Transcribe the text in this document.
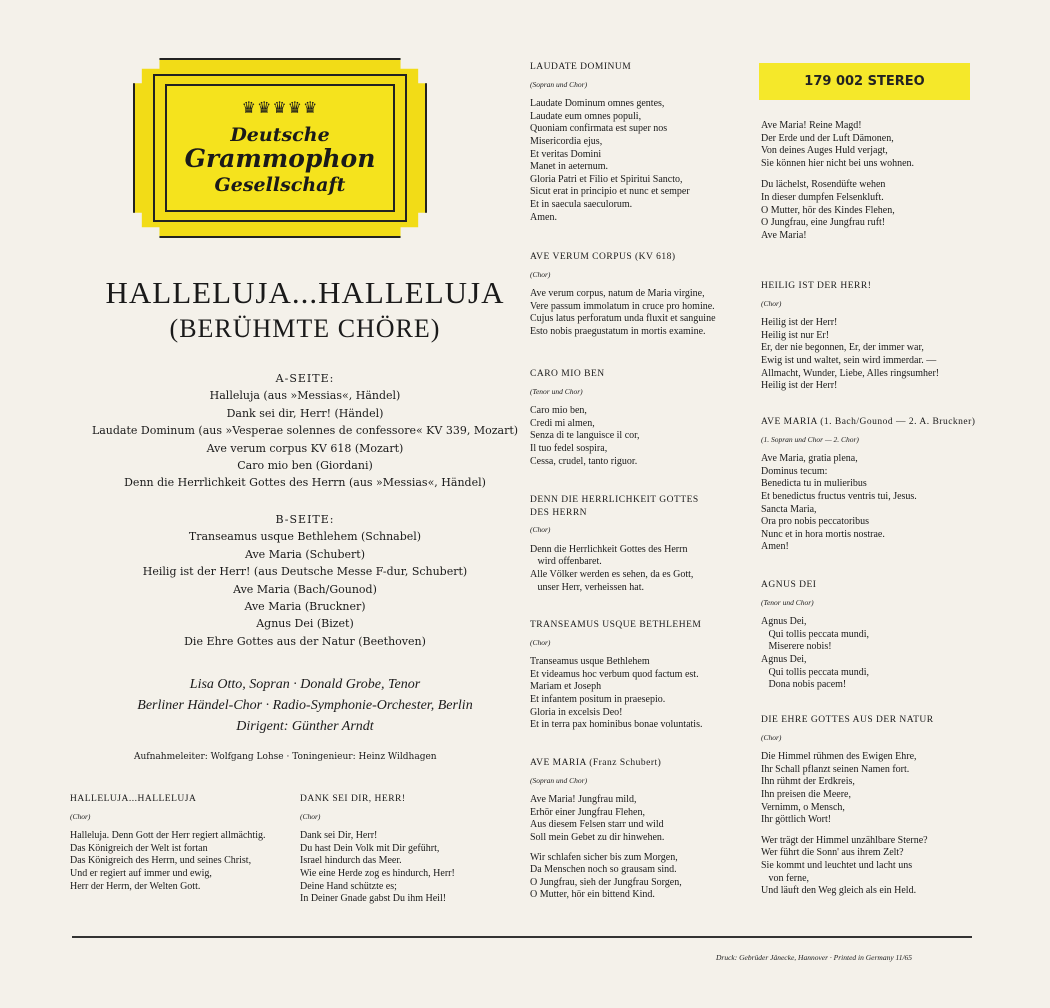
♛♛♛♛♛
Deutsche
Grammophon
Gesellschaft
HALLELUJA...HALLELUJA
(BERÜHMTE CHÖRE)
A-SEITE:
Halleluja (aus »Messias«, Händel)
Dank sei dir, Herr! (Händel)
Laudate Dominum (aus »Vesperae solennes de confessore« KV 339, Mozart)
Ave verum corpus KV 618 (Mozart)
Caro mio ben (Giordani)
Denn die Herrlichkeit Gottes des Herrn (aus »Messias«, Händel)
B-SEITE:
Transeamus usque Bethlehem (Schnabel)
Ave Maria (Schubert)
Heilig ist der Herr! (aus Deutsche Messe F-dur, Schubert)
Ave Maria (Bach/Gounod)
Ave Maria (Bruckner)
Agnus Dei (Bizet)
Die Ehre Gottes aus der Natur (Beethoven)
Lisa Otto, Sopran · Donald Grobe, Tenor
Berliner Händel-Chor · Radio-Symphonie-Orchester, Berlin
Dirigent: Günther Arndt
Aufnahmeleiter: Wolfgang Lohse · Toningenieur: Heinz Wildhagen
HALLELUJA...HALLELUJA
(Chor)
Halleluja. Denn Gott der Herr regiert allmächtig.
Das Königreich der Welt ist fortan
Das Königreich des Herrn, und seines Christ,
Und er regiert auf immer und ewig,
Herr der Herrn, der Welten Gott.
DANK SEI DIR, HERR!
(Chor)
Dank sei Dir, Herr!
Du hast Dein Volk mit Dir geführt,
Israel hindurch das Meer.
Wie eine Herde zog es hindurch, Herr!
Deine Hand schützte es;
In Deiner Gnade gabst Du ihm Heil!
LAUDATE DOMINUM
(Sopran und Chor)
Laudate Dominum omnes gentes,
Laudate eum omnes populi,
Quoniam confirmata est super nos
Misericordia ejus,
Et veritas Domini
Manet in aeternum.
Gloria Patri et Filio et Spiritui Sancto,
Sicut erat in principio et nunc et semper
Et in saecula saeculorum.
Amen.
AVE VERUM CORPUS (KV 618)
(Chor)
Ave verum corpus, natum de Maria virgine,
Vere passum immolatum in cruce pro homine.
Cujus latus perforatum unda fluxit et sanguine
Esto nobis praegustatum in mortis examine.
CARO MIO BEN
(Tenor und Chor)
Caro mio ben,
Credi mi almen,
Senza di te languisce il cor,
Il tuo fedel sospira,
Cessa, crudel, tanto riguor.
DENN DIE HERRLICHKEIT GOTTES
DES HERRN
(Chor)
Denn die Herrlichkeit Gottes des Herrn
wird offenbaret.
Alle Völker werden es sehen, da es Gott,
unser Herr, verheissen hat.
TRANSEAMUS USQUE BETHLEHEM
(Chor)
Transeamus usque Bethlehem
Et videamus hoc verbum quod factum est.
Mariam et Joseph
Et infantem positum in praesepio.
Gloria in excelsis Deo!
Et in terra pax hominibus bonae voluntatis.
AVE MARIA (Franz Schubert)
(Sopran und Chor)
Ave Maria! Jungfrau mild,
Erhör einer Jungfrau Flehen,
Aus diesem Felsen starr und wild
Soll mein Gebet zu dir hinwehen.
Wir schlafen sicher bis zum Morgen,
Da Menschen noch so grausam sind.
O Jungfrau, sieh der Jungfrau Sorgen,
O Mutter, hör ein bittend Kind.
179 002 STEREO
Ave Maria! Reine Magd!
Der Erde und der Luft Dämonen,
Von deines Auges Huld verjagt,
Sie können hier nicht bei uns wohnen.
Du lächelst, Rosendüfte wehen
In dieser dumpfen Felsenkluft.
O Mutter, hör des Kindes Flehen,
O Jungfrau, eine Jungfrau ruft!
Ave Maria!
HEILIG IST DER HERR!
(Chor)
Heilig ist der Herr!
Heilig ist nur Er!
Er, der nie begonnen, Er, der immer war,
Ewig ist und waltet, sein wird immerdar. —
Allmacht, Wunder, Liebe, Alles ringsumher!
Heilig ist der Herr!
AVE MARIA (1. Bach/Gounod — 2. A. Bruckner)
(1. Sopran und Chor — 2. Chor)
Ave Maria, gratia plena,
Dominus tecum:
Benedicta tu in mulieribus
Et benedictus fructus ventris tui, Jesus.
Sancta Maria,
Ora pro nobis peccatoribus
Nunc et in hora mortis nostrae.
Amen!
AGNUS DEI
(Tenor und Chor)
Agnus Dei,
Qui tollis peccata mundi,
Miserere nobis!
Agnus Dei,
Qui tollis peccata mundi,
Dona nobis pacem!
DIE EHRE GOTTES AUS DER NATUR
(Chor)
Die Himmel rühmen des Ewigen Ehre,
Ihr Schall pflanzt seinen Namen fort.
Ihn rühmt der Erdkreis,
Ihn preisen die Meere,
Vernimm, o Mensch,
Ihr göttlich Wort!
Wer trägt der Himmel unzählbare Sterne?
Wer führt die Sonn' aus ihrem Zelt?
Sie kommt und leuchtet und lacht uns
von ferne,
Und läuft den Weg gleich als ein Held.
Druck: Gebrüder Jänecke, Hannover · Printed in Germany 11/65
